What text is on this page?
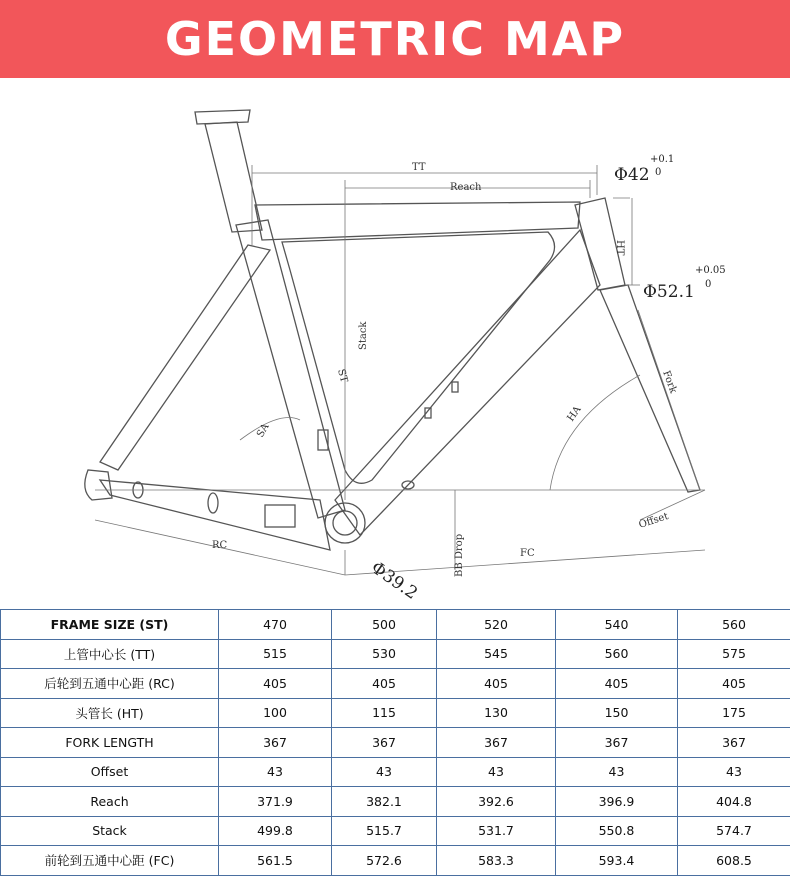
GEOMETRIC MAP
TT
Reach
HT
Stack
ST
SA
HA
Fork
Offset
RC
FC
BB Drop
Φ39.2
Φ42
+0.1
0
Φ52.1
+0.05
0
FRAME SIZE (ST)	470	500	520	540	560
上管中心长 (TT)	515	530	545	560	575
后轮到五通中心距 (RC)	405	405	405	405	405
头管长 (HT)	100	115	130	150	175
FORK LENGTH	367	367	367	367	367
Offset	43	43	43	43	43
Reach	371.9	382.1	392.6	396.9	404.8
Stack	499.8	515.7	531.7	550.8	574.7
前轮到五通中心距 (FC)	561.5	572.6	583.3	593.4	608.5
